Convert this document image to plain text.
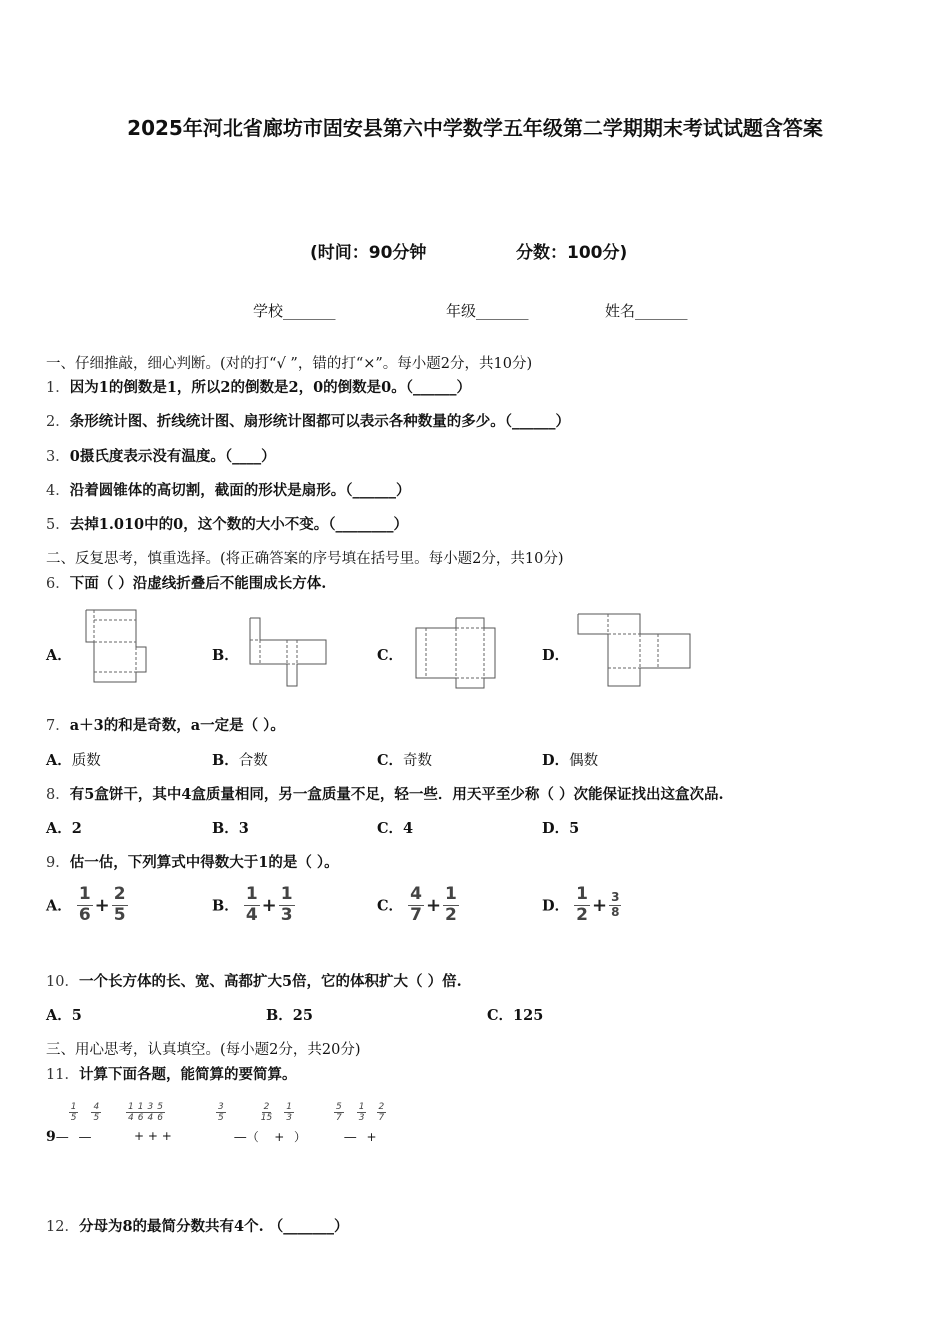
2025年河北省廊坊市固安县第六中学数学五年级第二学期期末考试试题含答案
(时间：90分钟	分数：100分)
学校_______	年级_______	姓名_______
一、仔细推敲，细心判断。(对的打“√ ”，错的打“×”。每小题2分，共10分)
1．因为1的倒数是1，所以2的倒数是2，0的倒数是0。（______）
2．条形统计图、折线统计图、扇形统计图都可以表示各种数量的多少。（______）
3．0摄氏度表示没有温度。（____）
4．沿着圆锥体的高切割，截面的形状是扇形。（______）
5．去掉1.010中的0，这个数的大小不变。（________）
二、反复思考，慎重选择。(将正确答案的序号填在括号里。每小题2分，共10分)
6．下面（ ）沿虚线折叠后不能围成长方体.
A．	B．	C．	D．
7．a＋3的和是奇数，a一定是（ ）。
A．质数	B．合数	C．奇数	D．偶数
8．有5盒饼干，其中4盒质量相同，另一盒质量不足，轻一些．用天平至少称（ ）次能保证找出这盒次品.
A．2	B．3	C．4	D．5
9．估一估，下列算式中得数大于1的是（ ）。
A． $\frac{1}{6} + \frac{2}{5}$	B． $\frac{1}{4} + \frac{1}{3}$	C． $\frac{4}{7} + \frac{1}{2}$	D． $\frac{1}{2} + \frac{3}{8}$
10．一个长方体的长、宽、高都扩大5倍，它的体积扩大（ ）倍.
A．5	B．25	C．125
三、用心思考，认真填空。(每小题2分，共20分)
11．计算下面各题，能简算的要简算。
$9_—$
$\frac{1}{5}$
$_—$
$\frac{4}{5}$	$\frac{1}{4} \frac{1}{6} \frac{3}{4} \frac{5}{6}$
+ + +
$\frac{3}{5}$
$_{—(}$
$\frac{2}{15}$
$_+$
$\frac{1}{3}$
$_)$
$\frac{5}{7}$
$_—$
$\frac{1}{3}$
$_+$
$\frac{2}{7}$
12．分母为8的最简分数共有4个. （_______）
